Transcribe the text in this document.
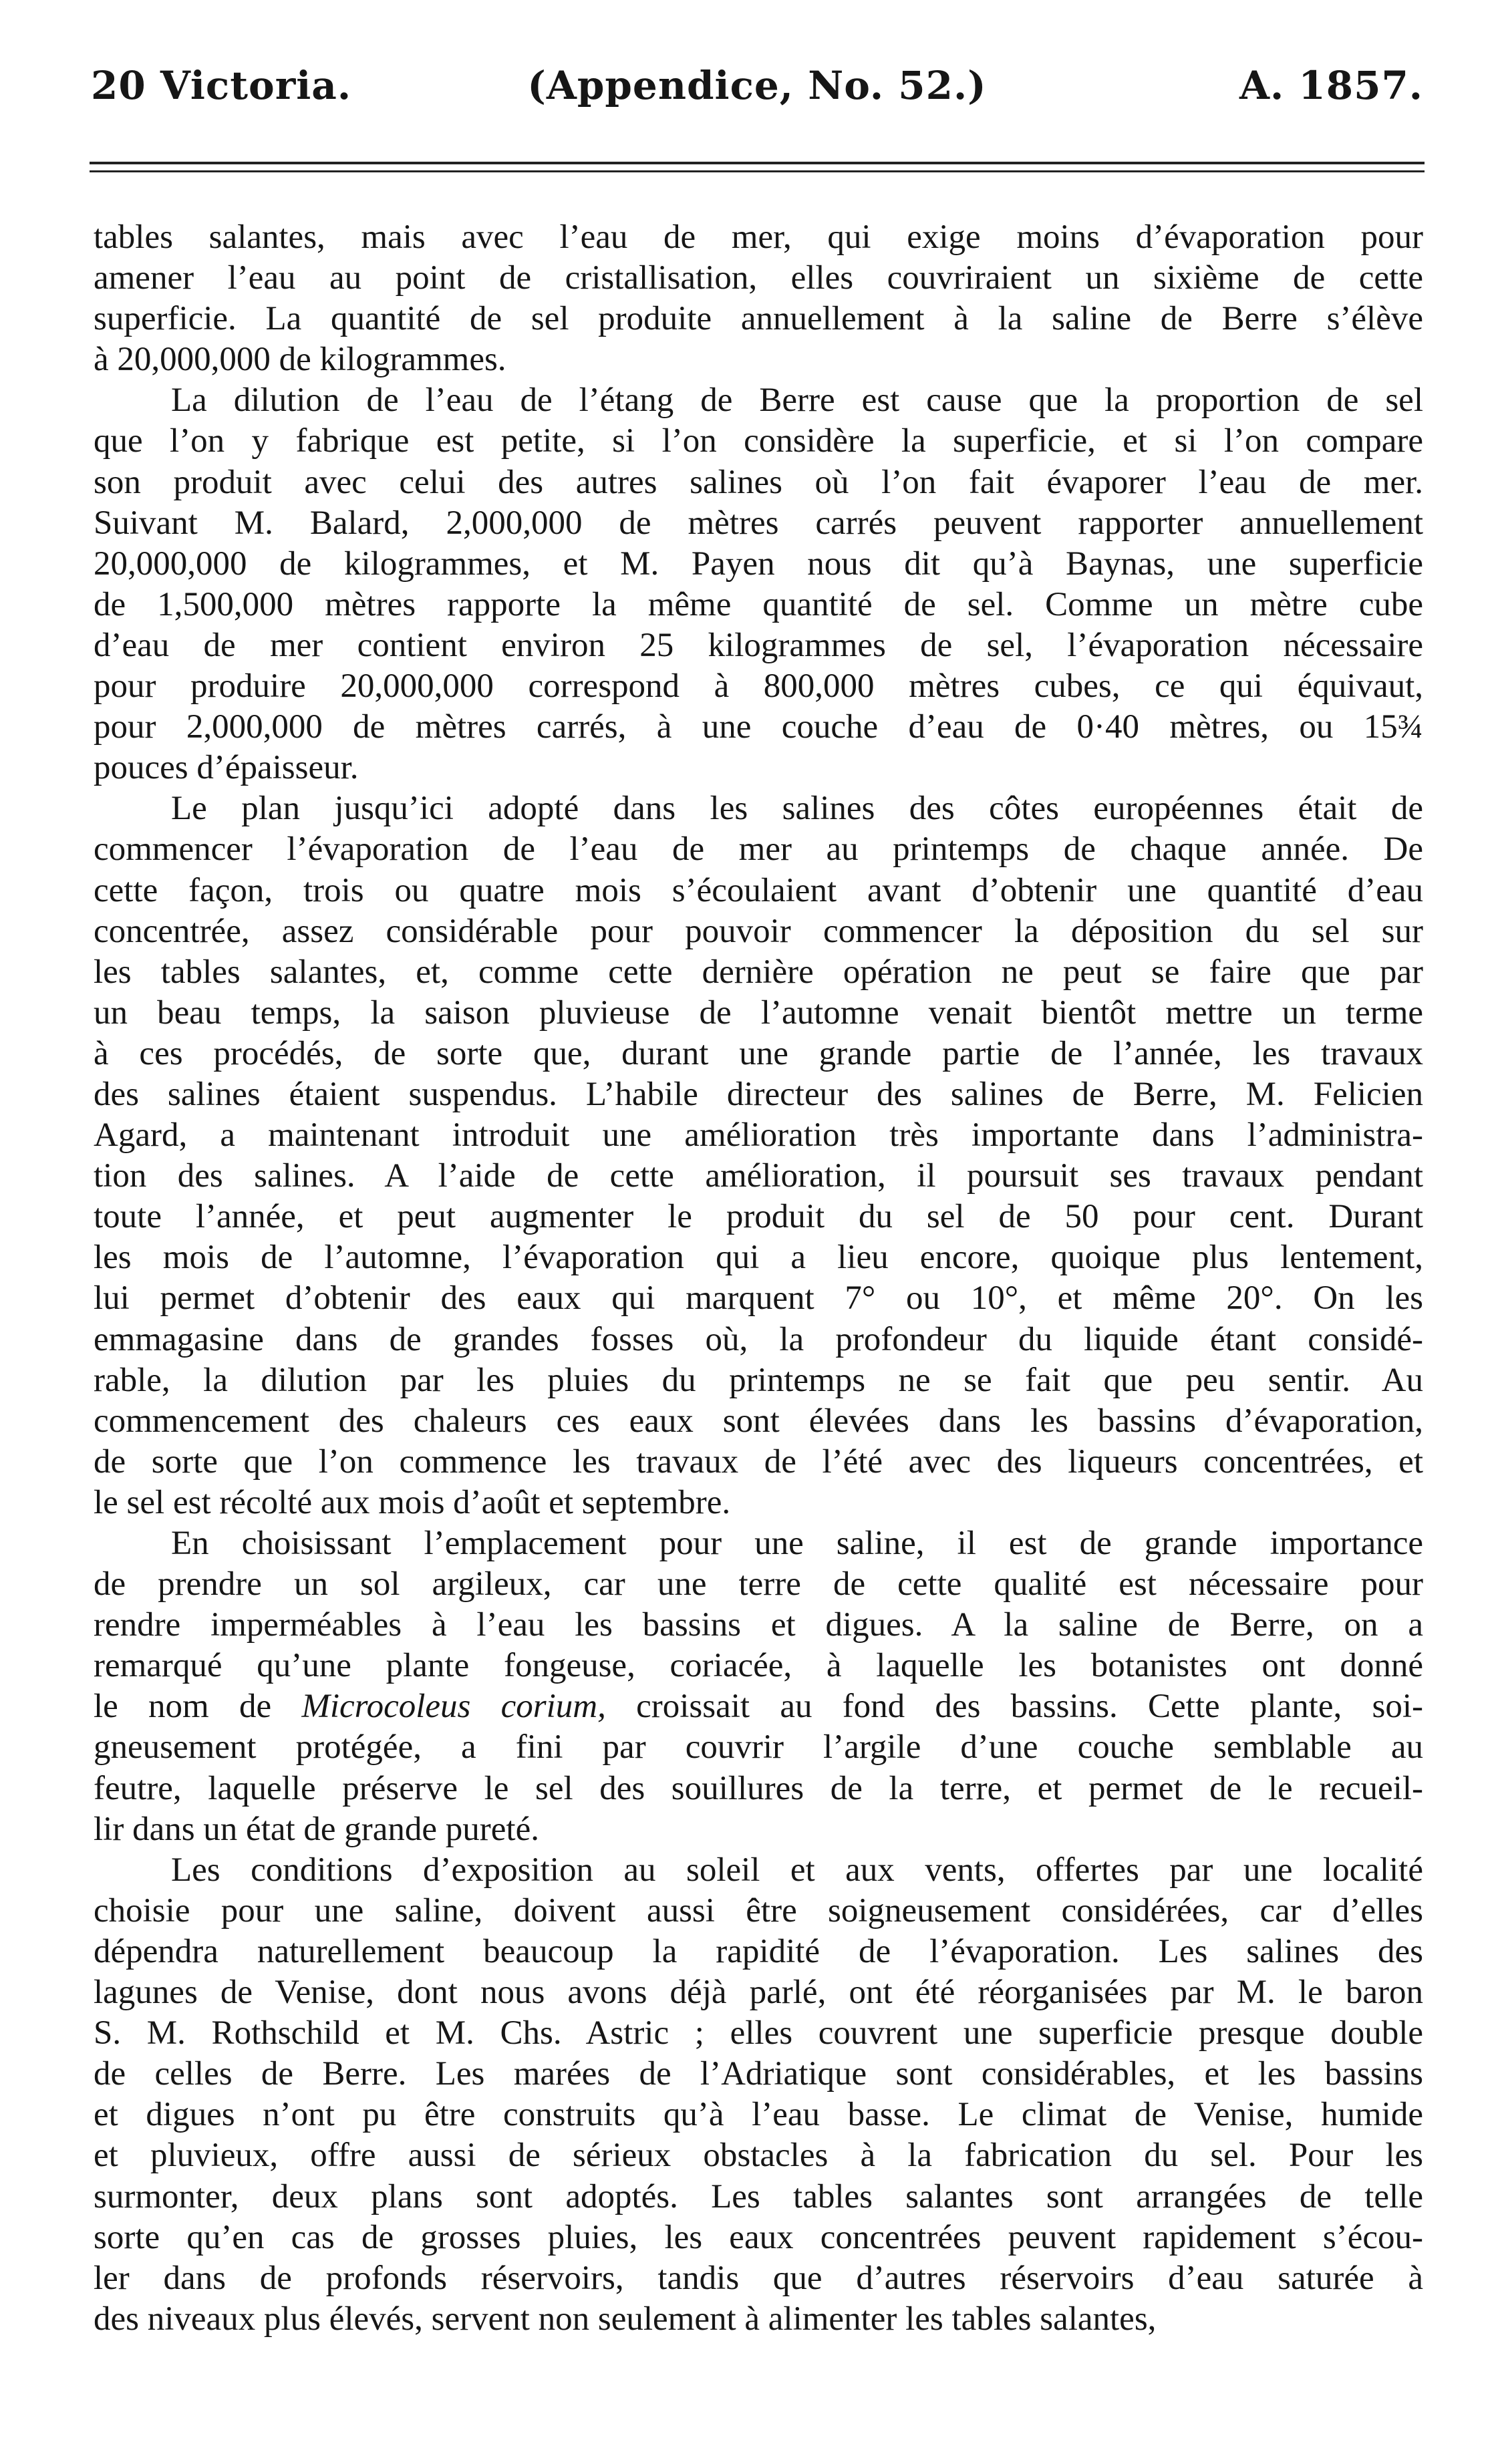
20 Victoria.	(Appendice, No. 52.)	A. 1857.
tables salantes, mais avec l’eau de mer, qui exige moins d’évaporation pour
amener l’eau au point de cristallisation, elles couvriraient un sixième de cette
superficie. La quantité de sel produite annuellement à la saline de Berre s’élève
à 20,000,000 de kilogrammes.
La dilution de l’eau de l’étang de Berre est cause que la proportion de sel
que l’on y fabrique est petite, si l’on considère la superficie, et si l’on compare
son produit avec celui des autres salines où l’on fait évaporer l’eau de mer.
Suivant M. Balard, 2,000,000 de mètres carrés peuvent rapporter annuellement
20,000,000 de kilogrammes, et M. Payen nous dit qu’à Baynas, une superficie
de 1,500,000 mètres rapporte la même quantité de sel. Comme un mètre cube
d’eau de mer contient environ 25 kilogrammes de sel, l’évaporation nécessaire
pour produire 20,000,000 correspond à 800,000 mètres cubes, ce qui équivaut,
pour 2,000,000 de mètres carrés, à une couche d’eau de 0·40 mètres, ou 15¾
pouces d’épaisseur.
Le plan jusqu’ici adopté dans les salines des côtes européennes était de
commencer l’évaporation de l’eau de mer au printemps de chaque année. De
cette façon, trois ou quatre mois s’écoulaient avant d’obtenir une quantité d’eau
concentrée, assez considérable pour pouvoir commencer la déposition du sel sur
les tables salantes, et, comme cette dernière opération ne peut se faire que par
un beau temps, la saison pluvieuse de l’automne venait bientôt mettre un terme
à ces procédés, de sorte que, durant une grande partie de l’année, les travaux
des salines étaient suspendus. L’habile directeur des salines de Berre, M. Felicien
Agard, a maintenant introduit une amélioration très importante dans l’administra-
tion des salines. A l’aide de cette amélioration, il poursuit ses travaux pendant
toute l’année, et peut augmenter le produit du sel de 50 pour cent. Durant
les mois de l’automne, l’évaporation qui a lieu encore, quoique plus lentement,
lui permet d’obtenir des eaux qui marquent 7° ou 10°, et même 20°. On les
emmagasine dans de grandes fosses où, la profondeur du liquide étant considé-
rable, la dilution par les pluies du printemps ne se fait que peu sentir. Au
commencement des chaleurs ces eaux sont élevées dans les bassins d’évaporation,
de sorte que l’on commence les travaux de l’été avec des liqueurs concentrées, et
le sel est récolté aux mois d’août et septembre.
En choisissant l’emplacement pour une saline, il est de grande importance
de prendre un sol argileux, car une terre de cette qualité est nécessaire pour
rendre imperméables à l’eau les bassins et digues. A la saline de Berre, on a
remarqué qu’une plante fongeuse, coriacée, à laquelle les botanistes ont donné
le nom de Microcoleus corium, croissait au fond des bassins. Cette plante, soi-
gneusement protégée, a fini par couvrir l’argile d’une couche semblable au
feutre, laquelle préserve le sel des souillures de la terre, et permet de le recueil-
lir dans un état de grande pureté.
Les conditions d’exposition au soleil et aux vents, offertes par une localité
choisie pour une saline, doivent aussi être soigneusement considérées, car d’elles
dépendra naturellement beaucoup la rapidité de l’évaporation. Les salines des
lagunes de Venise, dont nous avons déjà parlé, ont été réorganisées par M. le baron
S. M. Rothschild et M. Chs. Astric ; elles couvrent une superficie presque double
de celles de Berre. Les marées de l’Adriatique sont considérables, et les bassins
et digues n’ont pu être construits qu’à l’eau basse. Le climat de Venise, humide
et pluvieux, offre aussi de sérieux obstacles à la fabrication du sel. Pour les
surmonter, deux plans sont adoptés. Les tables salantes sont arrangées de telle
sorte qu’en cas de grosses pluies, les eaux concentrées peuvent rapidement s’écou-
ler dans de profonds réservoirs, tandis que d’autres réservoirs d’eau saturée à
des niveaux plus élevés, servent non seulement à alimenter les tables salantes,
